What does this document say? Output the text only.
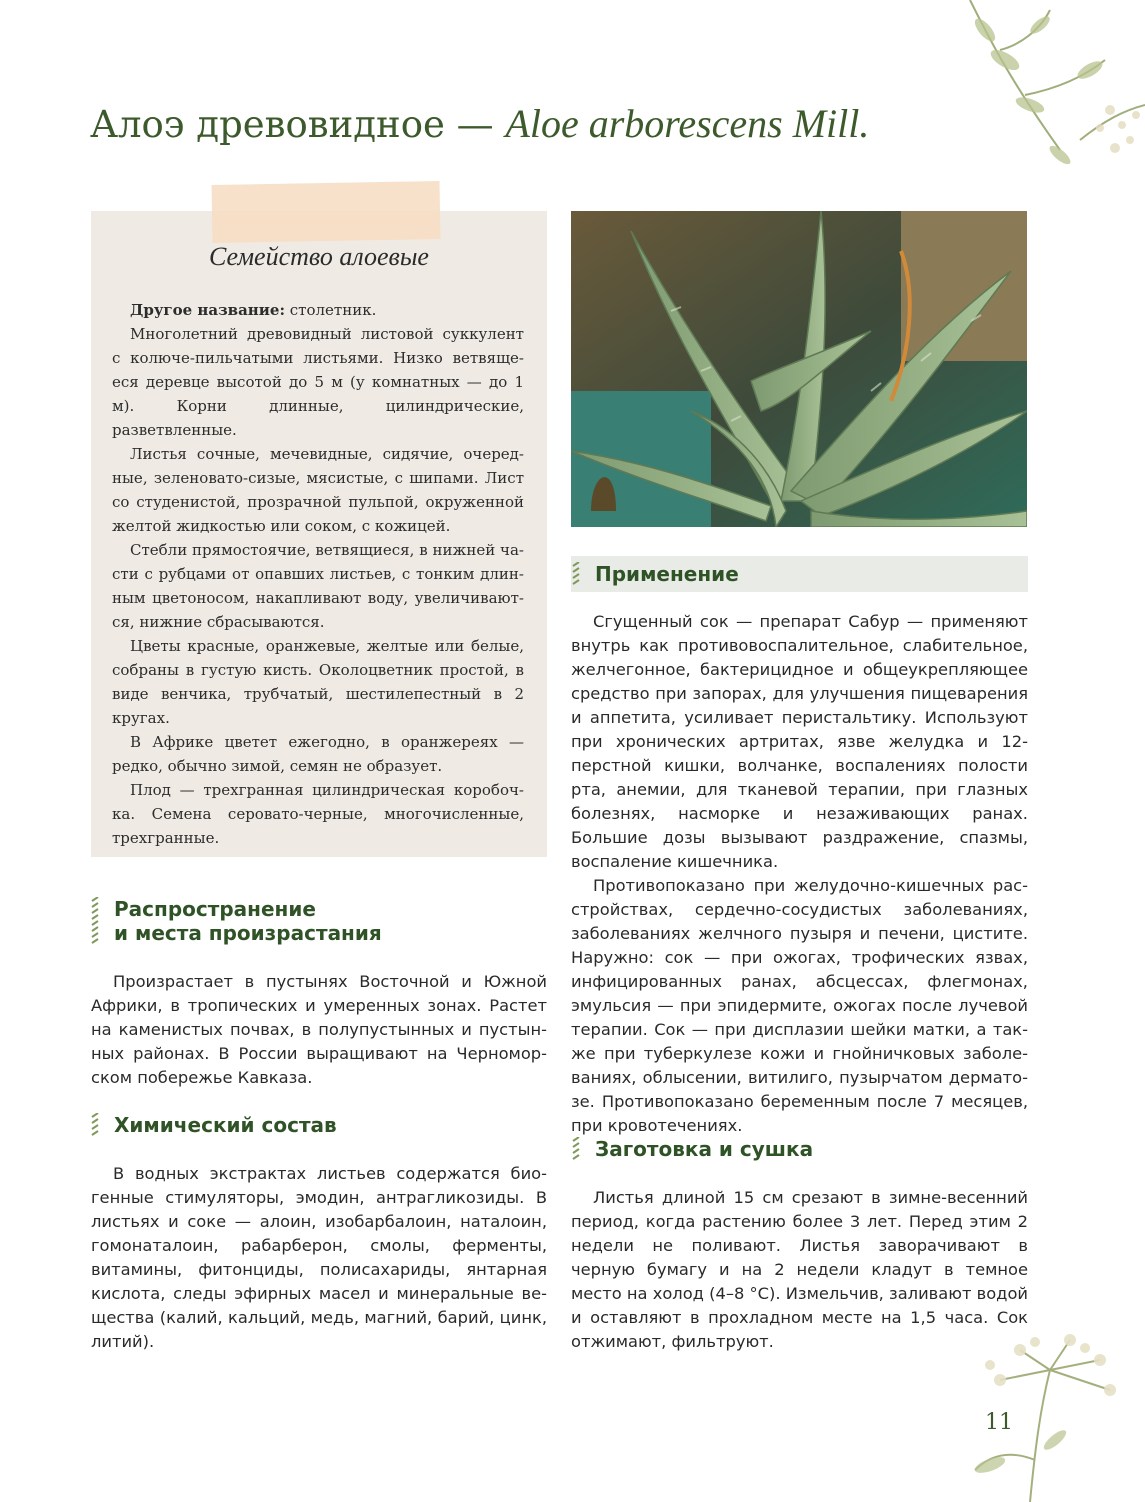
Алоэ древовидное — Aloe arborescens Mill.
Семейство алоевые

Другое название: столетник.

Многолетний древовидный листовой суккулент с колюче-пильчатыми листьями. Низко ветвящееся деревце высотой до 5 м (у комнатных — до 1 м). Корни длинные, цилиндрические, разветвленные.

Листья сочные, мечевидные, сидячие, очередные, зеленовато-сизые, мясистые, с шипами. Лист со студенистой, прозрачной пульпой, окруженной желтой жидкостью или соком, с кожицей.

Стебли прямостоячие, ветвящиеся, в нижней части с рубцами от опавших листьев, с тонким длинным цветоносом, накапливают воду, увеличиваются, нижние сбрасываются.

Цветы красные, оранжевые, желтые или белые, собраны в густую кисть. Околоцветник простой, в виде венчика, трубчатый, шестилепестный в 2 кругах.

В Африке цветет ежегодно, в оранжереях — редко, обычно зимой, семян не образует.

Плод — трехгранная цилиндрическая коробочка. Семена серовато-черные, многочисленные, трехгранные.

Распространение
и места произрастания

Произрастает в пустынях Восточной и Южной Африки, в тропических и умеренных зонах. Растет на каменистых почвах, в полупустынных и пустынных районах. В России выращивают на Черноморском побережье Кавказа.

Химический состав

В водных экстрактах листьев содержатся биогенные стимуляторы, эмодин, антрагликозиды. В листьях и соке — алоин, изобарбалоин, наталоин, гомонаталоин, рабарберон, смолы, ферменты, витамины, фитонциды, полисахариды, янтарная кислота, следы эфирных масел и минеральные вещества (калий, кальций, медь, магний, барий, цинк, литий).

Применение

Сгущенный сок — препарат Сабур — применяют внутрь как противовоспалительное, слабительное, желчегонное, бактерицидное и общеукрепляющее средство при запорах, для улучшения пищеварения и аппетита, усиливает перистальтику. Используют при хронических артритах, язве желудка и 12-перстной кишки, волчанке, воспалениях полости рта, анемии, для тканевой терапии, при глазных болезнях, насморке и незаживающих ранах. Большие дозы вызывают раздражение, спазмы, воспаление кишечника.

Противопоказано при желудочно-кишечных расстройствах, сердечно-сосудистых заболеваниях, заболеваниях желчного пузыря и печени, цистите. Наружно: сок — при ожогах, трофических язвах, инфицированных ранах, абсцессах, флегмонах, эмульсия — при эпидермите, ожогах после лучевой терапии. Сок — при дисплазии шейки матки, а также при туберкулезе кожи и гнойничковых заболеваниях, облысении, витилиго, пузырчатом дерматозе. Противопоказано беременным после 7 месяцев, при кровотечениях.

Заготовка и сушка

Листья длиной 15 см срезают в зимне-весенний период, когда растению более 3 лет. Перед этим 2 недели не поливают. Листья заворачивают в черную бумагу и на 2 недели кладут в темное место на холод (4–8 °C). Измельчив, заливают водой и оставляют в прохладном месте на 1,5 часа. Сок отжимают, фильтруют.

11
